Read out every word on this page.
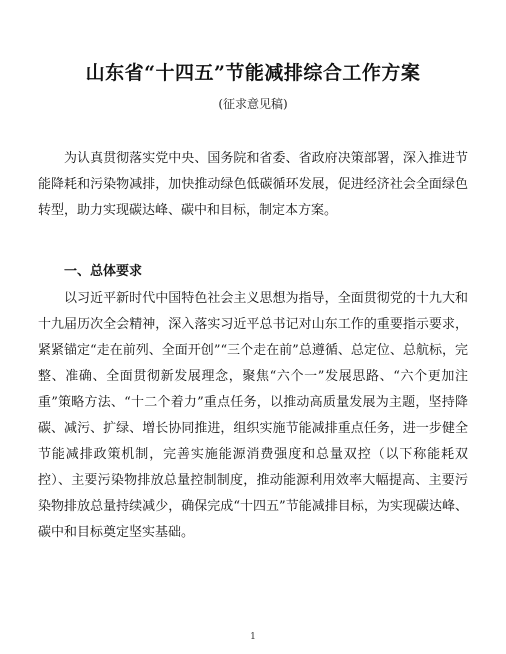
山东省“十四五”节能减排综合工作方案
(征求意见稿)

为认真贯彻落实党中央、国务院和省委、省政府决策部署，深入推进节能降耗和污染物减排，加快推动绿色低碳循环发展，促进经济社会全面绿色转型，助力实现碳达峰、碳中和目标，制定本方案。

一、总体要求

以习近平新时代中国特色社会主义思想为指导，全面贯彻党的十九大和十九届历次全会精神，深入落实习近平总书记对山东工作的重要指示要求，紧紧锚定“走在前列、全面开创”“三个走在前”总遵循、总定位、总航标，完整、准确、全面贯彻新发展理念，聚焦“六个一”发展思路、“六个更加注重”策略方法、“十二个着力”重点任务，以推动高质量发展为主题，坚持降碳、减污、扩绿、增长协同推进，组织实施节能减排重点任务，进一步健全节能减排政策机制，完善实施能源消费强度和总量双控（以下称能耗双控）、主要污染物排放总量控制制度，推动能源利用效率大幅提高、主要污染物排放总量持续减少，确保完成“十四五”节能减排目标，为实现碳达峰、碳中和目标奠定坚实基础。

1
